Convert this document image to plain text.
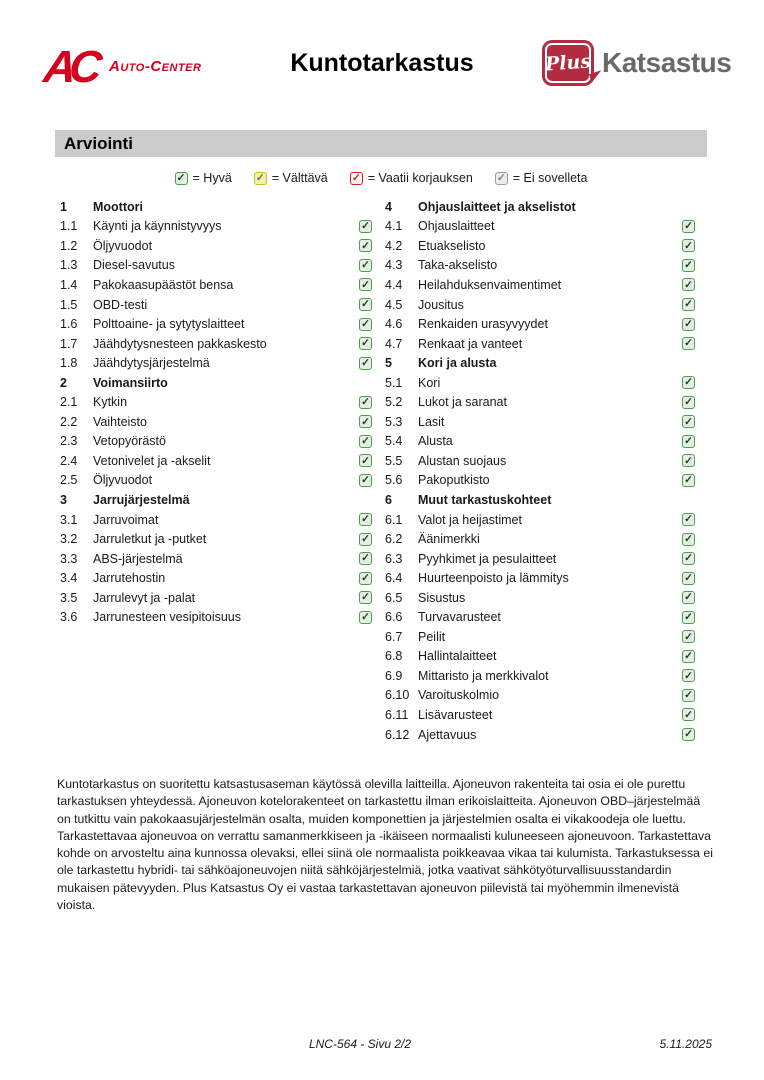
AC Auto-Center	Kuntotarkastus	Plus Katsastus
Arviointi
✓ = Hyvä ✓ = Välttävä ✓ = Vaatii korjauksen ✓ = Ei sovelleta
1	Moottori
1.1	Käynti ja käynnistyvyys	✓
1.2	Öljyvuodot	✓
1.3	Diesel-savutus	✓
1.4	Pakokaasupäästöt bensa	✓
1.5	OBD-testi	✓
1.6	Polttoaine- ja sytytyslaitteet	✓
1.7	Jäähdytysnesteen pakkaskesto	✓
1.8	Jäähdytysjärjestelmä	✓
2	Voimansiirto
2.1	Kytkin	✓
2.2	Vaihteisto	✓
2.3	Vetopyörästö	✓
2.4	Vetonivelet ja -akselit	✓
2.5	Öljyvuodot	✓
3	Jarrujärjestelmä
3.1	Jarruvoimat	✓
3.2	Jarruletkut ja -putket	✓
3.3	ABS-järjestelmä	✓
3.4	Jarrutehostin	✓
3.5	Jarrulevyt ja -palat	✓
3.6	Jarrunesteen vesipitoisuus	✓
4	Ohjauslaitteet ja akselistot
4.1	Ohjauslaitteet	✓
4.2	Etuakselisto	✓
4.3	Taka-akselisto	✓
4.4	Heilahduksenvaimentimet	✓
4.5	Jousitus	✓
4.6	Renkaiden urasyvyydet	✓
4.7	Renkaat ja vanteet	✓
5	Kori ja alusta
5.1	Kori	✓
5.2	Lukot ja saranat	✓
5.3	Lasit	✓
5.4	Alusta	✓
5.5	Alustan suojaus	✓
5.6	Pakoputkisto	✓
6	Muut tarkastuskohteet
6.1	Valot ja heijastimet	✓
6.2	Äänimerkki	✓
6.3	Pyyhkimet ja pesulaitteet	✓
6.4	Huurteenpoisto ja lämmitys	✓
6.5	Sisustus	✓
6.6	Turvavarusteet	✓
6.7	Peilit	✓
6.8	Hallintalaitteet	✓
6.9	Mittaristo ja merkkivalot	✓
6.10 Varoituskolmio	✓
6.11 Lisävarusteet	✓
6.12 Ajettavuus	✓

Kuntotarkastus on suoritettu katsastusaseman käytössä olevilla laitteilla. Ajoneuvon rakenteita tai osia ei ole purettu tarkastuksen yhteydessä. Ajoneuvon kotelorakenteet on tarkastettu ilman erikoislaitteita. Ajoneuvon OBD–järjestelmää on tutkittu vain pakokaasujärjestelmän osalta, muiden komponettien ja järjestelmien osalta ei vikakoodeja ole luettu. Tarkastettavaa ajoneuvoa on verrattu samanmerkkiseen ja -ikäiseen normaalisti kuluneeseen ajoneuvoon. Tarkastettava kohde on arvosteltu aina kunnossa olevaksi, ellei siinä ole normaalista poikkeavaa vikaa tai kulumista. Tarkastuksessa ei ole tarkastettu hybridi- tai sähköajoneuvojen niitä sähköjärjestelmiä, jotka vaativat sähkötyöturvallisuusstandardin mukaisen pätevyyden. Plus Katsastus Oy ei vastaa tarkastettavan ajoneuvon piilevistä tai myöhemmin ilmenevistä vioista.

LNC-564 - Sivu 2/2	5.11.2025
